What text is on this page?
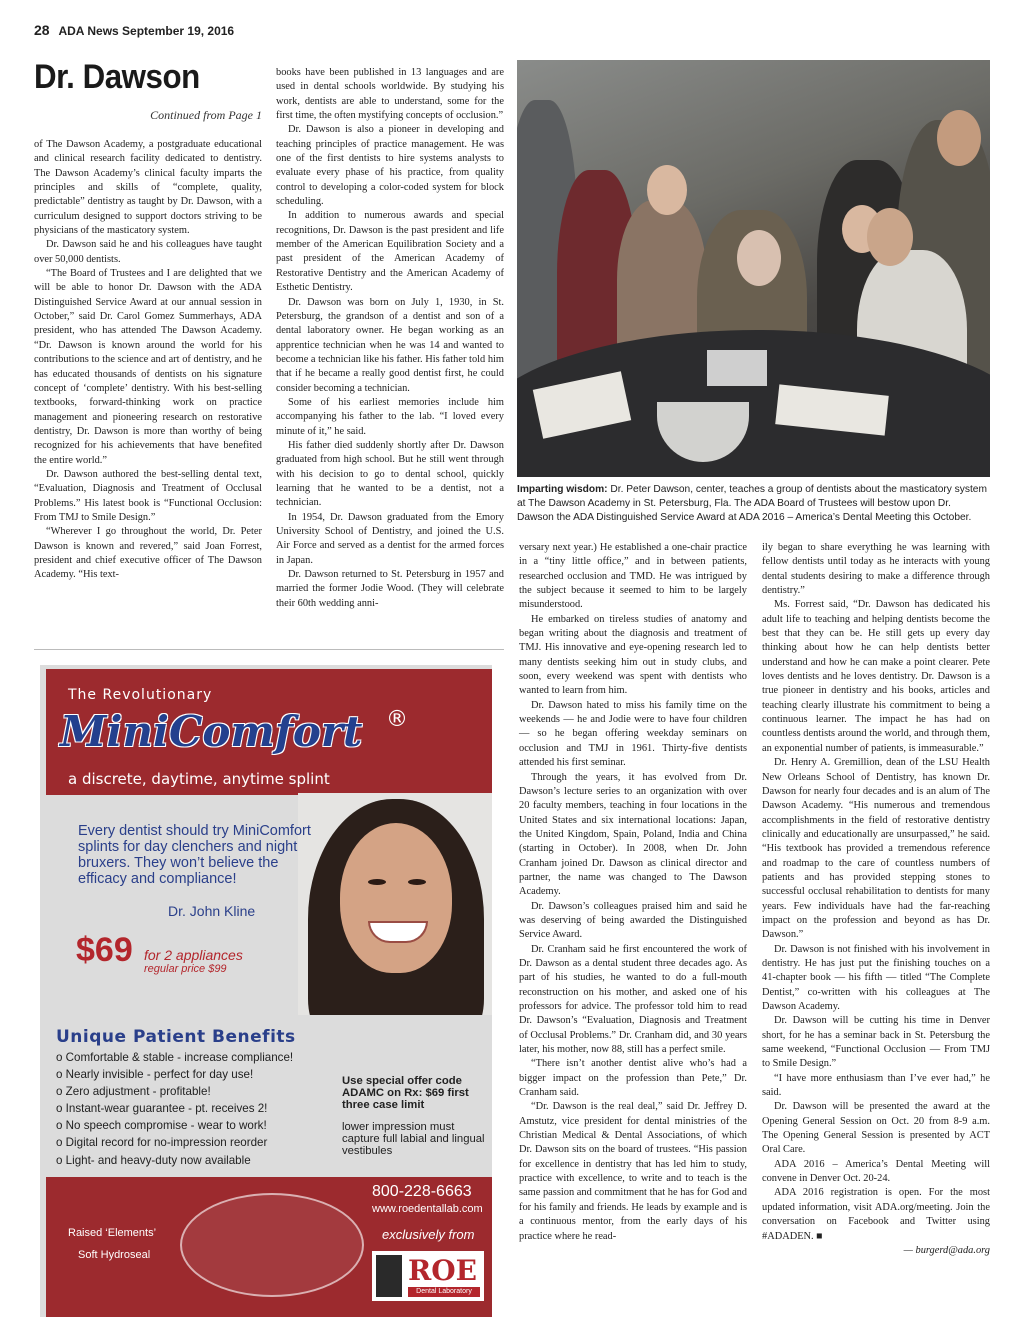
28 ADA News September 19, 2016
Dr. Dawson
Continued from Page 1

of The Dawson Academy, a postgraduate educational and clinical research facility dedicated to dentistry. The Dawson Academy’s clinical faculty imparts the principles and skills of “complete, quality, predictable” dentistry as taught by Dr. Dawson, with a curriculum designed to support doctors striving to be physicians of the masticatory system.

Dr. Dawson said he and his colleagues have taught over 50,000 dentists.

“The Board of Trustees and I are delighted that we will be able to honor Dr. Dawson with the ADA Distinguished Service Award at our annual session in October,” said Dr. Carol Gomez Summerhays, ADA president, who has attended The Dawson Academy. “Dr. Dawson is known around the world for his contributions to the science and art of dentistry, and he has educated thousands of dentists on his signature concept of ‘complete’ dentistry. With his best-selling textbooks, forward-thinking work on practice management and pioneering research on restorative dentistry, Dr. Dawson is more than worthy of being recognized for his achievements that have benefited the entire world.”

Dr. Dawson authored the best-selling dental text, “Evaluation, Diagnosis and Treatment of Occlusal Problems.” His latest book is “Functional Occlusion: From TMJ to Smile Design.”

“Wherever I go throughout the world, Dr. Peter Dawson is known and revered,” said Joan Forrest, president and chief executive officer of The Dawson Academy. “His text-

books have been published in 13 languages and are used in dental schools worldwide. By studying his work, dentists are able to understand, some for the first time, the often mystifying concepts of occlusion.”

Dr. Dawson is also a pioneer in developing and teaching principles of practice management. He was one of the first dentists to hire systems analysts to evaluate every phase of his practice, from quality control to developing a color-coded system for block scheduling.

In addition to numerous awards and special recognitions, Dr. Dawson is the past president and life member of the American Equilibration Society and a past president of the American Academy of Restorative Dentistry and the American Academy of Esthetic Dentistry.

Dr. Dawson was born on July 1, 1930, in St. Petersburg, the grandson of a dentist and son of a dental laboratory owner. He began working as an apprentice technician when he was 14 and wanted to become a technician like his father. His father told him that if he became a really good dentist first, he could consider becoming a technician.

Some of his earliest memories include him accompanying his father to the lab. “I loved every minute of it,” he said.

His father died suddenly shortly after Dr. Dawson graduated from high school. But he still went through with his decision to go to dental school, quickly learning that he wanted to be a dentist, not a technician.

In 1954, Dr. Dawson graduated from the Emory University School of Dentistry, and joined the U.S. Air Force and served as a dentist for the armed forces in Japan.

Dr. Dawson returned to St. Petersburg in 1957 and married the former Jodie Wood. (They will celebrate their 60th wedding anni-

Imparting wisdom: Dr. Peter Dawson, center, teaches a group of dentists about the masticatory system at The Dawson Academy in St. Petersburg, Fla. The ADA Board of Trustees will bestow upon Dr. Dawson the ADA Distinguished Service Award at ADA 2016 – America’s Dental Meeting this October.

versary next year.) He established a one-chair practice in a “tiny little office,” and in between patients, researched occlusion and TMD. He was intrigued by the subject because it seemed to him to be largely misunderstood.

He embarked on tireless studies of anatomy and began writing about the diagnosis and treatment of TMJ. His innovative and eye-opening research led to many dentists seeking him out in study clubs, and soon, every weekend was spent with dentists who wanted to learn from him.

Dr. Dawson hated to miss his family time on the weekends — he and Jodie were to have four children — so he began offering weekday seminars on occlusion and TMJ in 1961. Thirty-five dentists attended his first seminar.

Through the years, it has evolved from Dr. Dawson’s lecture series to an organization with over 20 faculty members, teaching in four locations in the United States and six international locations: Japan, the United Kingdom, Spain, Poland, India and China (starting in October). In 2008, when Dr. John Cranham joined Dr. Dawson as clinical director and partner, the name was changed to The Dawson Academy.

Dr. Dawson’s colleagues praised him and said he was deserving of being awarded the Distinguished Service Award.

Dr. Cranham said he first encountered the work of Dr. Dawson as a dental student three decades ago. As part of his studies, he wanted to do a full-mouth reconstruction on his mother, and asked one of his professors for advice. The professor told him to read Dr. Dawson’s “Evaluation, Diagnosis and Treatment of Occlusal Problems.” Dr. Cranham did, and 30 years later, his mother, now 88, still has a perfect smile.

“There isn’t another dentist alive who’s had a bigger impact on the profession than Pete,” Dr. Cranham said.

“Dr. Dawson is the real deal,” said Dr. Jeffrey D. Amstutz, vice president for dental ministries of the Christian Medical & Dental Associations, of which Dr. Dawson sits on the board of trustees. “His passion for excellence in dentistry that has led him to study, practice with excellence, to write and to teach is the same passion and commitment that he has for God and for his family and friends. He leads by example and is a continuous mentor, from the early days of his practice where he read-

ily began to share everything he was learning with fellow dentists until today as he interacts with young dental students desiring to make a difference through dentistry.”

Ms. Forrest said, “Dr. Dawson has dedicated his adult life to teaching and helping dentists become the best that they can be. He still gets up every day thinking about how he can help dentists better understand and how he can make a point clearer. Pete loves dentists and he loves dentistry. Dr. Dawson is a true pioneer in dentistry and his books, articles and teaching clearly illustrate his commitment to being a continuous learner. The impact he has had on countless dentists around the world, and through them, an exponential number of patients, is immeasurable.”

Dr. Henry A. Gremillion, dean of the LSU Health New Orleans School of Dentistry, has known Dr. Dawson for nearly four decades and is an alum of The Dawson Academy. “His numerous and tremendous accomplishments in the field of restorative dentistry clinically and educationally are unsurpassed,” he said. “His textbook has provided a tremendous reference and roadmap to the care of countless numbers of patients and has provided stepping stones to successful occlusal rehabilitation to dentists for many years. Few individuals have had the far-reaching impact on the profession and beyond as has Dr. Dawson.”

Dr. Dawson is not finished with his involvement in dentistry. He has just put the finishing touches on a 41-chapter book — his fifth — titled “The Complete Dentist,” co-written with his colleagues at The Dawson Academy.

Dr. Dawson will be cutting his time in Denver short, for he has a seminar back in St. Petersburg the same weekend, “Functional Occlusion — From TMJ to Smile Design.”

“I have more enthusiasm than I’ve ever had,” he said.

Dr. Dawson will be presented the award at the Opening General Session on Oct. 20 from 8-9 a.m. The Opening General Session is presented by ACT Oral Care.

ADA 2016 – America’s Dental Meeting will convene in Denver Oct. 20-24.

ADA 2016 registration is open. For the most updated information, visit ADA.org/meeting. Join the conversation on Facebook and Twitter using #ADADEN. ■

— burgerd@ada.org
The Revolutionary
MiniComfort ®
a discrete, daytime, anytime splint
Every dentist should try MiniComfort splints for day clenchers and night bruxers. They won’t believe the efficacy and compliance!
Dr. John Kline
$69 for 2 appliances
regular price $99
Unique Patient Benefits
o Comfortable & stable - increase compliance!
o Nearly invisible - perfect for day use!
o Zero adjustment - profitable!
o Instant-wear guarantee - pt. receives 2!
o No speech compromise - wear to work!
o Digital record for no-impression reorder
o Light- and heavy-duty now available
Use special offer code ADAMC on Rx: $69 first three case limit
lower impression must capture full labial and lingual vestibules
Raised ‘Elements’
Soft Hydroseal
800-228-6663
www.roedentallab.com
exclusively from
ROE
Dental Laboratory
